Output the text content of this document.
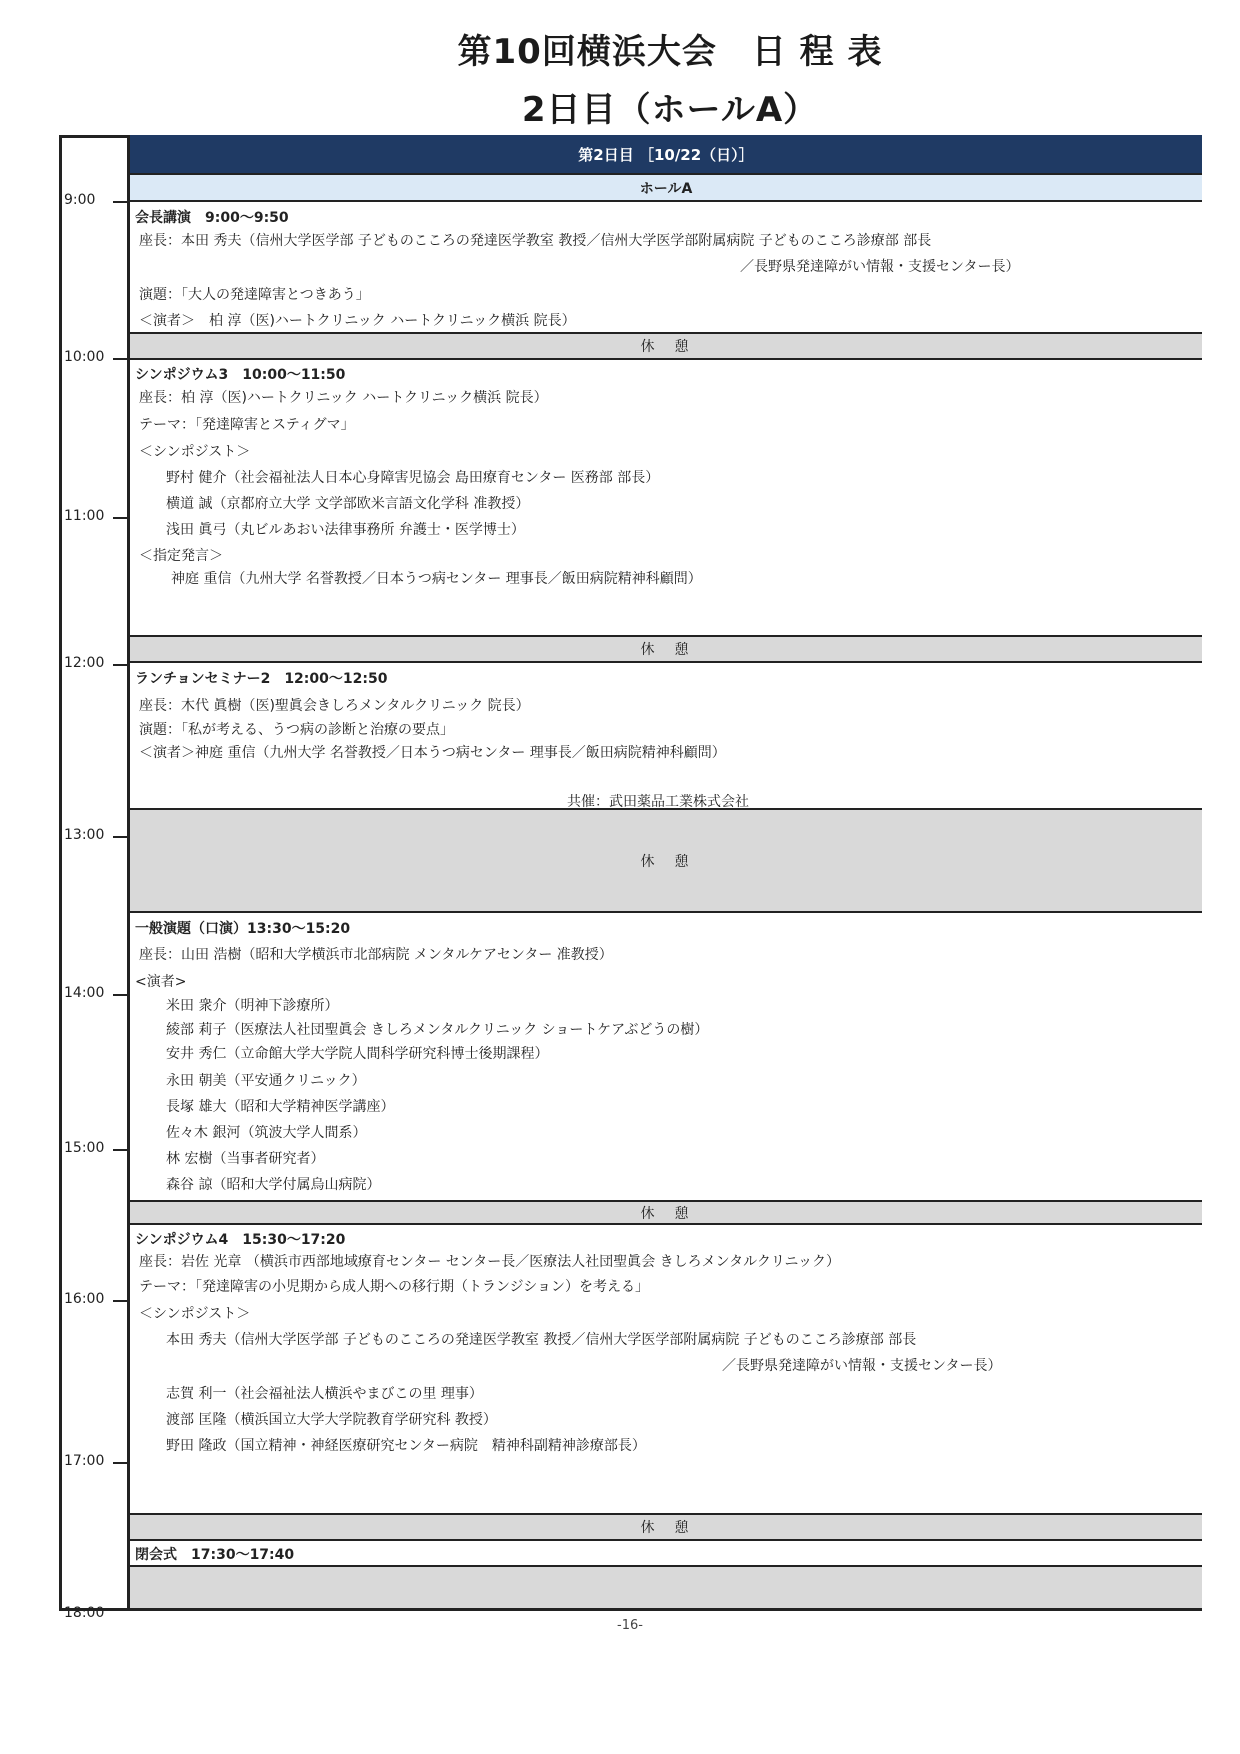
第10回横浜大会　日 程 表
2日目（ホールA）
9:00
10:00
11:00
12:00
13:00
14:00
15:00
16:00
17:00
18:00
第2日目 ［10/22（日）］
ホールA
会長講演　9:00～9:50
座長：本田 秀夫（信州大学医学部 子どものこころの発達医学教室 教授／信州大学医学部附属病院 子どものこころ診療部 部長
／長野県発達障がい情報・支援センター長）
演題：「大人の発達障害とつきあう」
＜演者＞　柏 淳（医)ハートクリニック ハートクリニック横浜 院長）
休　憩
シンポジウム3　10:00～11:50
座長：柏 淳（医)ハートクリニック ハートクリニック横浜 院長）
テーマ：「発達障害とスティグマ」
＜シンポジスト＞
野村 健介（社会福祉法人日本心身障害児協会 島田療育センター 医務部 部長）
横道 誠（京都府立大学 文学部欧米言語文化学科 准教授）
浅田 眞弓（丸ビルあおい法律事務所 弁護士・医学博士）
＜指定発言＞
神庭 重信（九州大学 名誉教授／日本うつ病センター 理事長／飯田病院精神科顧問）
休　憩
ランチョンセミナー2　12:00～12:50
座長：木代 眞樹（医)聖眞会きしろメンタルクリニック 院長）
演題：「私が考える、うつ病の診断と治療の要点」
＜演者＞神庭 重信（九州大学 名誉教授／日本うつ病センター 理事長／飯田病院精神科顧問）
共催：武田薬品工業株式会社
休　憩
一般演題（口演）13:30～15:20
座長：山田 浩樹（昭和大学横浜市北部病院 メンタルケアセンター 准教授）
<演者>
米田 衆介（明神下診療所）
綾部 莉子（医療法人社団聖眞会 きしろメンタルクリニック ショートケアぶどうの樹）
安井 秀仁（立命館大学大学院人間科学研究科博士後期課程）
永田 朝美（平安通クリニック）
長塚 雄大（昭和大学精神医学講座）
佐々木 銀河（筑波大学人間系）
林 宏樹（当事者研究者）
森谷 諒（昭和大学付属烏山病院）
休　憩
シンポジウム4　15:30～17:20
座長：岩佐 光章 （横浜市西部地域療育センター センター長／医療法人社団聖眞会 きしろメンタルクリニック）
テーマ：「発達障害の小児期から成人期への移行期（トランジション）を考える」
＜シンポジスト＞
本田 秀夫（信州大学医学部 子どものこころの発達医学教室 教授／信州大学医学部附属病院 子どものこころ診療部 部長
／長野県発達障がい情報・支援センター長）
志賀 利一（社会福祉法人横浜やまびこの里 理事）
渡部 匡隆（横浜国立大学大学院教育学研究科 教授）
野田 隆政（国立精神・神経医療研究センター病院　精神科副精神診療部長）
休　憩
閉会式　17:30～17:40
-16-
